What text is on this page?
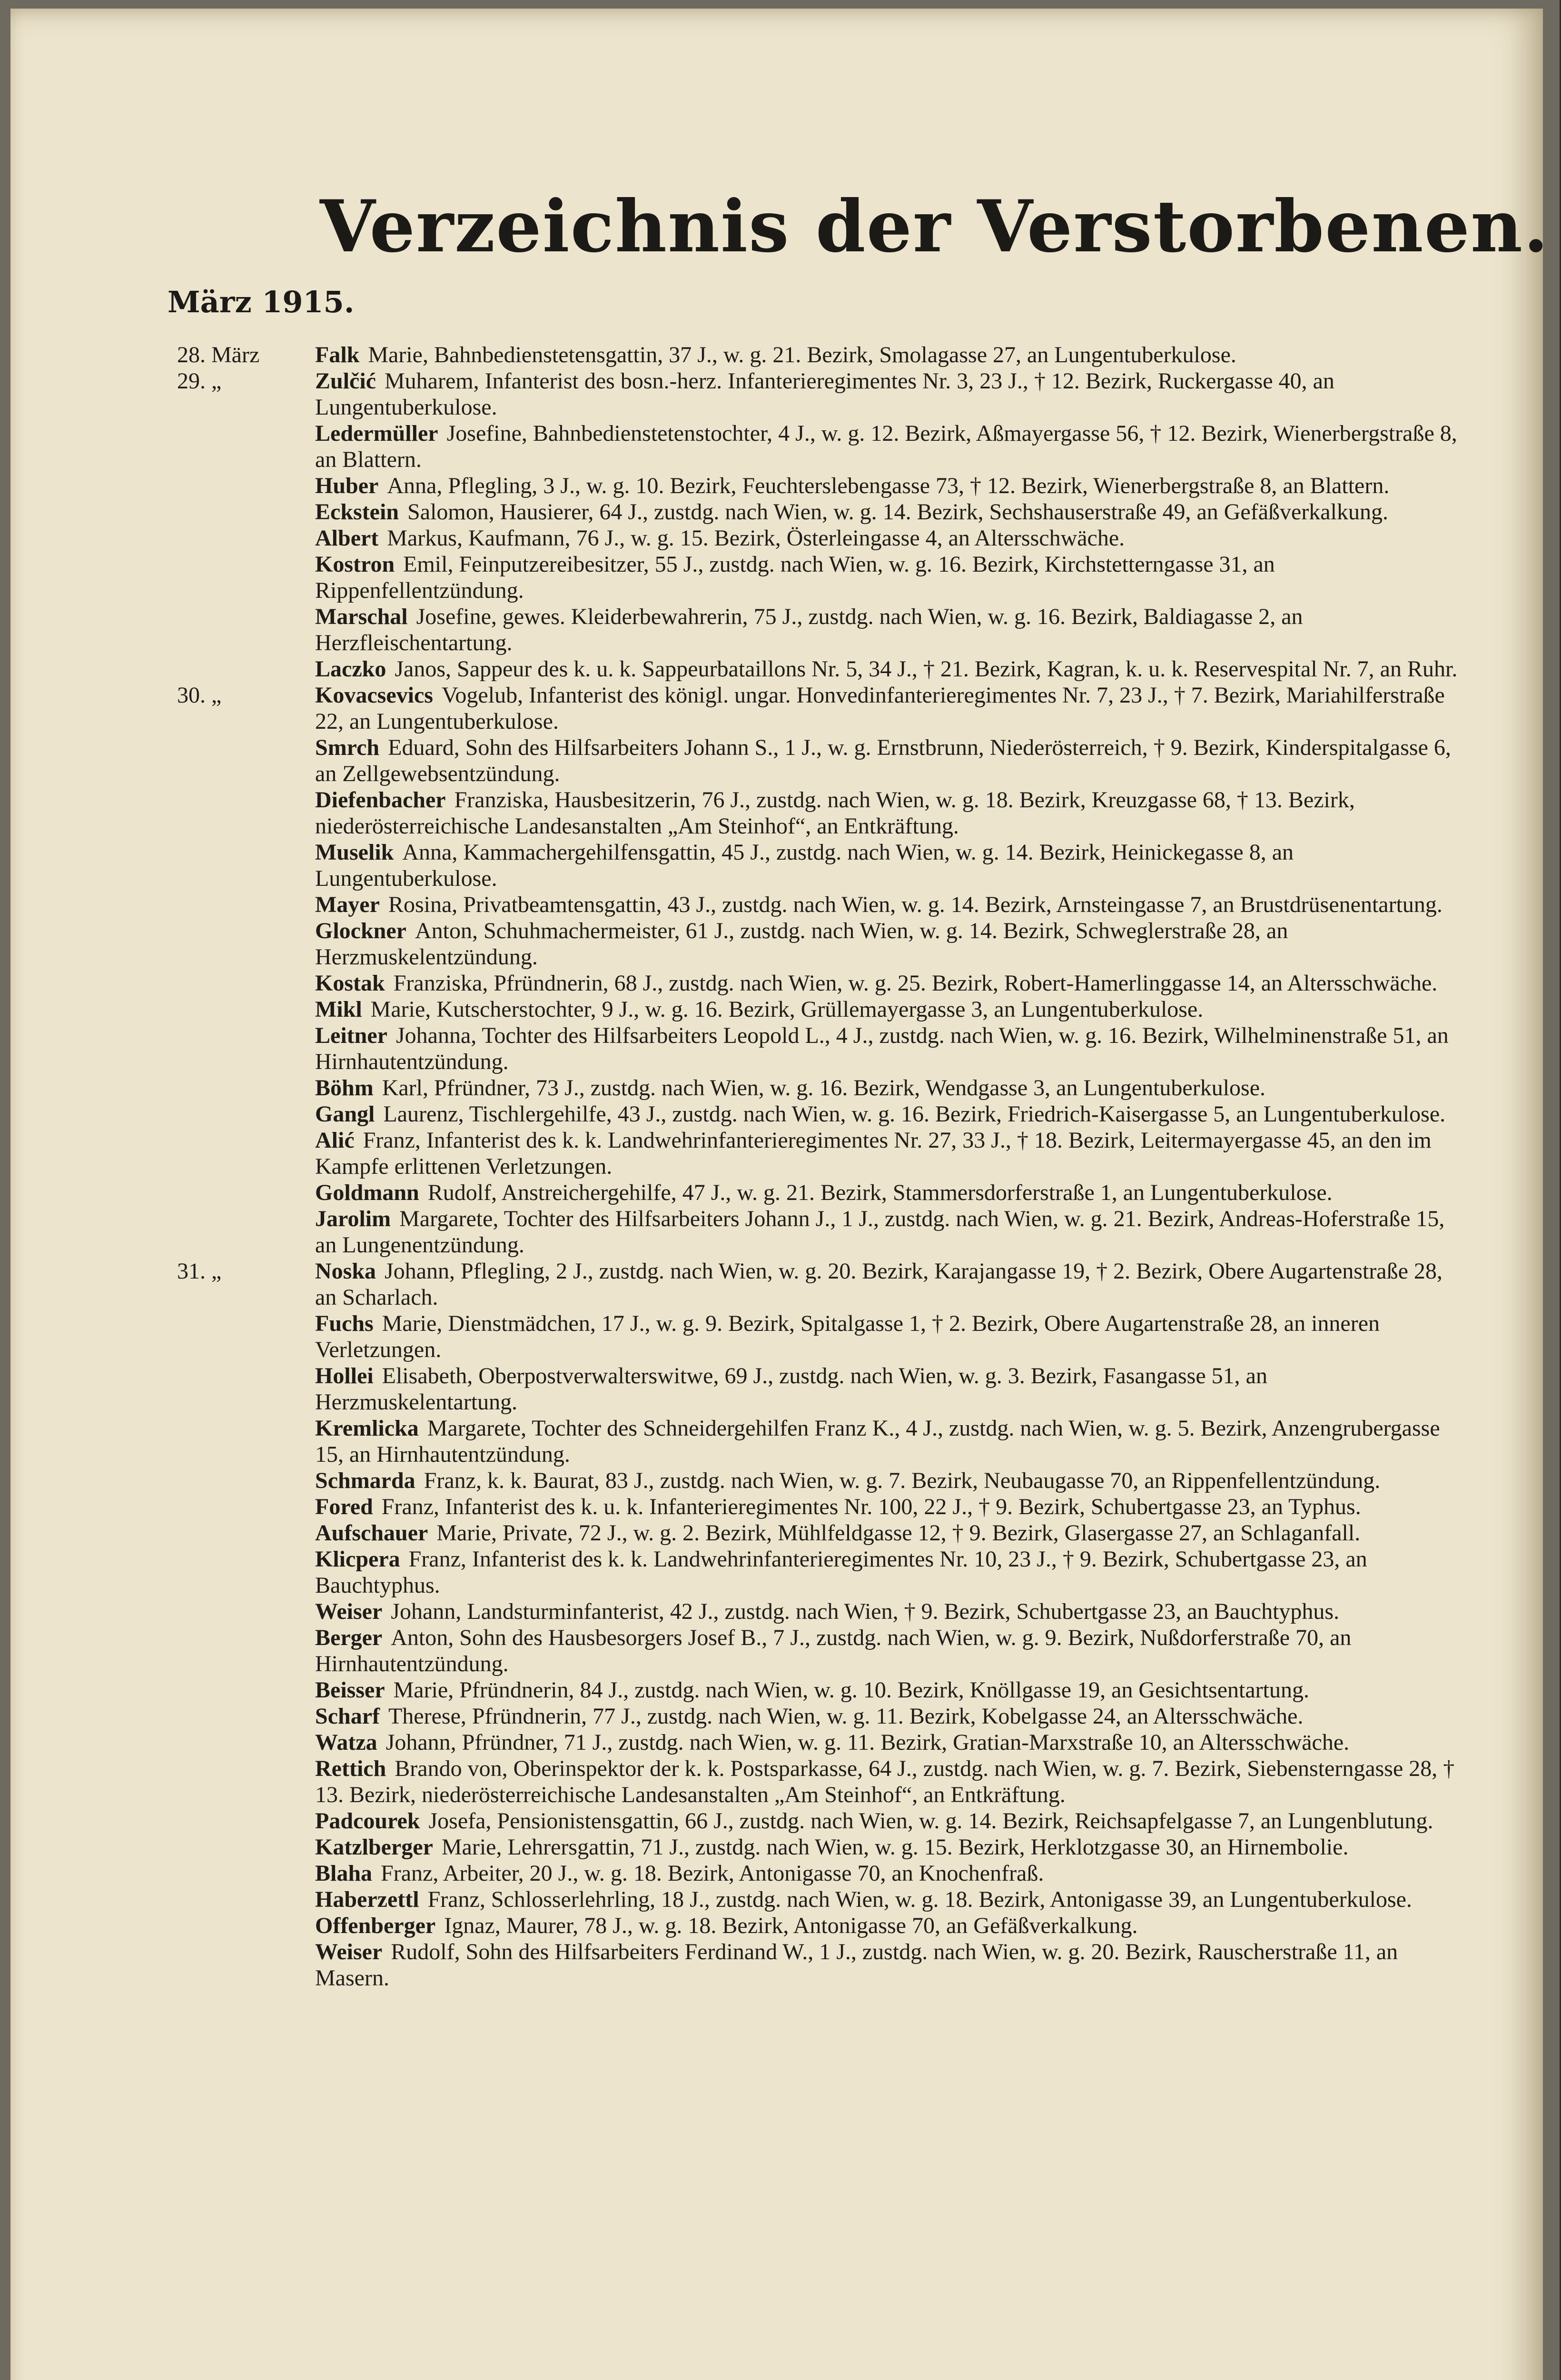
Verzeichnis der Verstorbenen.
März 1915.
28. März	Falk Marie, Bahnbedienstetensgattin, 37 J., w. g. 21. Bezirk, Smolagasse 27, an Lungentuberkulose.
29. „	Zulčić Muharem, Infanterist des bosn.-herz. Infanterieregimentes Nr. 3, 23 J., † 12. Bezirk, Ruckergasse 40, an Lungentuberkulose.
Ledermüller Josefine, Bahnbedienstetenstochter, 4 J., w. g. 12. Bezirk, Aßmayergasse 56, † 12. Bezirk, Wienerbergstraße 8, an Blattern.
Huber Anna, Pflegling, 3 J., w. g. 10. Bezirk, Feuchterslebengasse 73, † 12. Bezirk, Wienerbergstraße 8, an Blattern.
Eckstein Salomon, Hausierer, 64 J., zustdg. nach Wien, w. g. 14. Bezirk, Sechshauserstraße 49, an Gefäßverkalkung.
Albert Markus, Kaufmann, 76 J., w. g. 15. Bezirk, Österleingasse 4, an Altersschwäche.
Kostron Emil, Feinputzereibesitzer, 55 J., zustdg. nach Wien, w. g. 16. Bezirk, Kirchstetterngasse 31, an Rippenfellentzündung.
Marschal Josefine, gewes. Kleiderbewahrerin, 75 J., zustdg. nach Wien, w. g. 16. Bezirk, Baldiagasse 2, an Herzfleischentartung.
Laczko Janos, Sappeur des k. u. k. Sappeurbataillons Nr. 5, 34 J., † 21. Bezirk, Kagran, k. u. k. Reservespital Nr. 7, an Ruhr.
30. „	Kovacsevics Vogelub, Infanterist des königl. ungar. Honvedinfanterieregimentes Nr. 7, 23 J., † 7. Bezirk, Mariahilferstraße 22, an Lungentuberkulose.
Smrch Eduard, Sohn des Hilfsarbeiters Johann S., 1 J., w. g. Ernstbrunn, Niederösterreich, † 9. Bezirk, Kinderspitalgasse 6, an Zellgewebsentzündung.
Diefenbacher Franziska, Hausbesitzerin, 76 J., zustdg. nach Wien, w. g. 18. Bezirk, Kreuzgasse 68, † 13. Bezirk, niederösterreichische Landesanstalten „Am Steinhof“, an Entkräftung.
Muselik Anna, Kammachergehilfensgattin, 45 J., zustdg. nach Wien, w. g. 14. Bezirk, Heinickegasse 8, an Lungentuberkulose.
Mayer Rosina, Privatbeamtensgattin, 43 J., zustdg. nach Wien, w. g. 14. Bezirk, Arnsteingasse 7, an Brustdrüsenentartung.
Glockner Anton, Schuhmachermeister, 61 J., zustdg. nach Wien, w. g. 14. Bezirk, Schweglerstraße 28, an Herzmuskelentzündung.
Kostak Franziska, Pfründnerin, 68 J., zustdg. nach Wien, w. g. 25. Bezirk, Robert-Hamerlinggasse 14, an Altersschwäche.
Mikl Marie, Kutscherstochter, 9 J., w. g. 16. Bezirk, Grüllemayergasse 3, an Lungentuberkulose.
Leitner Johanna, Tochter des Hilfsarbeiters Leopold L., 4 J., zustdg. nach Wien, w. g. 16. Bezirk, Wilhelminenstraße 51, an Hirnhautentzündung.
Böhm Karl, Pfründner, 73 J., zustdg. nach Wien, w. g. 16. Bezirk, Wendgasse 3, an Lungentuberkulose.
Gangl Laurenz, Tischlergehilfe, 43 J., zustdg. nach Wien, w. g. 16. Bezirk, Friedrich-Kaisergasse 5, an Lungentuberkulose.
Alić Franz, Infanterist des k. k. Landwehrinfanterieregimentes Nr. 27, 33 J., † 18. Bezirk, Leitermayergasse 45, an den im Kampfe erlittenen Verletzungen.
Goldmann Rudolf, Anstreichergehilfe, 47 J., w. g. 21. Bezirk, Stammersdorferstraße 1, an Lungentuberkulose.
Jarolim Margarete, Tochter des Hilfsarbeiters Johann J., 1 J., zustdg. nach Wien, w. g. 21. Bezirk, Andreas-Hoferstraße 15, an Lungenentzündung.
31. „	Noska Johann, Pflegling, 2 J., zustdg. nach Wien, w. g. 20. Bezirk, Karajangasse 19, † 2. Bezirk, Obere Augartenstraße 28, an Scharlach.
Fuchs Marie, Dienstmädchen, 17 J., w. g. 9. Bezirk, Spitalgasse 1, † 2. Bezirk, Obere Augartenstraße 28, an inneren Verletzungen.
Hollei Elisabeth, Oberpostverwalterswitwe, 69 J., zustdg. nach Wien, w. g. 3. Bezirk, Fasangasse 51, an Herzmuskelentartung.
Kremlicka Margarete, Tochter des Schneidergehilfen Franz K., 4 J., zustdg. nach Wien, w. g. 5. Bezirk, Anzengrubergasse 15, an Hirnhautentzündung.
Schmarda Franz, k. k. Baurat, 83 J., zustdg. nach Wien, w. g. 7. Bezirk, Neubaugasse 70, an Rippenfellentzündung.
Fored Franz, Infanterist des k. u. k. Infanterieregimentes Nr. 100, 22 J., † 9. Bezirk, Schubertgasse 23, an Typhus.
Aufschauer Marie, Private, 72 J., w. g. 2. Bezirk, Mühlfeldgasse 12, † 9. Bezirk, Glasergasse 27, an Schlaganfall.
Klicpera Franz, Infanterist des k. k. Landwehrinfanterieregimentes Nr. 10, 23 J., † 9. Bezirk, Schubertgasse 23, an Bauchtyphus.
Weiser Johann, Landsturminfanterist, 42 J., zustdg. nach Wien, † 9. Bezirk, Schubertgasse 23, an Bauchtyphus.
Berger Anton, Sohn des Hausbesorgers Josef B., 7 J., zustdg. nach Wien, w. g. 9. Bezirk, Nußdorferstraße 70, an Hirnhautentzündung.
Beisser Marie, Pfründnerin, 84 J., zustdg. nach Wien, w. g. 10. Bezirk, Knöllgasse 19, an Gesichtsentartung.
Scharf Therese, Pfründnerin, 77 J., zustdg. nach Wien, w. g. 11. Bezirk, Kobelgasse 24, an Altersschwäche.
Watza Johann, Pfründner, 71 J., zustdg. nach Wien, w. g. 11. Bezirk, Gratian-Marxstraße 10, an Altersschwäche.
Rettich Brando von, Oberinspektor der k. k. Postsparkasse, 64 J., zustdg. nach Wien, w. g. 7. Bezirk, Siebensterngasse 28, † 13. Bezirk, niederösterreichische Landesanstalten „Am Steinhof“, an Entkräftung.
Padcourek Josefa, Pensionistensgattin, 66 J., zustdg. nach Wien, w. g. 14. Bezirk, Reichsapfelgasse 7, an Lungenblutung.
Katzlberger Marie, Lehrersgattin, 71 J., zustdg. nach Wien, w. g. 15. Bezirk, Herklotzgasse 30, an Hirnembolie.
Blaha Franz, Arbeiter, 20 J., w. g. 18. Bezirk, Antonigasse 70, an Knochenfraß.
Haberzettl Franz, Schlosserlehrling, 18 J., zustdg. nach Wien, w. g. 18. Bezirk, Antonigasse 39, an Lungentuberkulose.
Offenberger Ignaz, Maurer, 78 J., w. g. 18. Bezirk, Antonigasse 70, an Gefäßverkalkung.
Weiser Rudolf, Sohn des Hilfsarbeiters Ferdinand W., 1 J., zustdg. nach Wien, w. g. 20. Bezirk, Rauscherstraße 11, an Masern.
